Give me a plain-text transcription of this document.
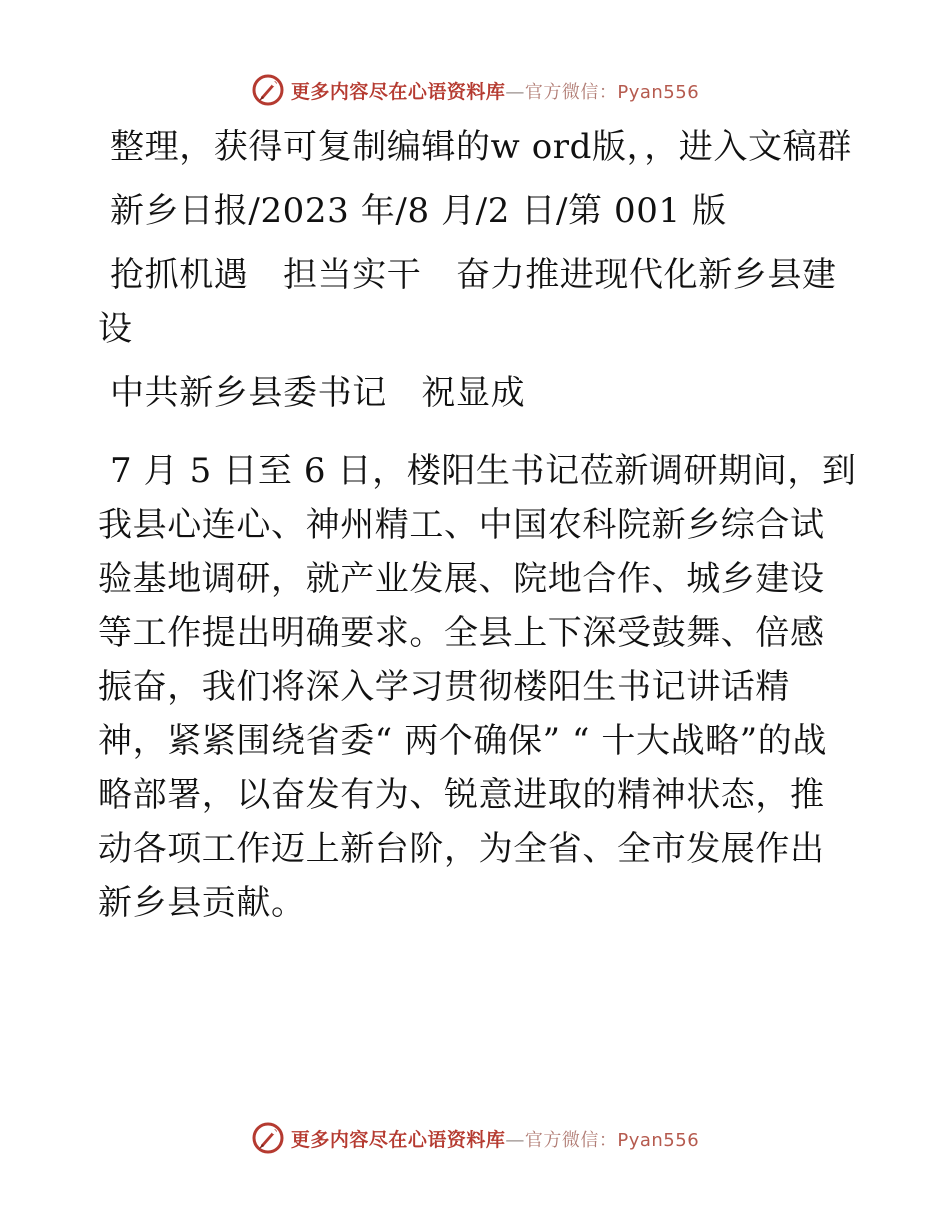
更多内容尽在心语资料库—官方微信：Pyan556

整理，获得可复制编辑的w ord版，，进入文稿群

新乡日报/2023 年/8 月/2 日/第 001 版

抢抓机遇　担当实干　奋力推进现代化新乡县建设

中共新乡县委书记　祝显成

7 月 5 日至 6 日，楼阳生书记莅新调研期间，到我县心连心、神州精工、中国农科院新乡综合试验基地调研，就产业发展、院地合作、城乡建设等工作提出明确要求。全县上下深受鼓舞、倍感振奋，我们将深入学习贯彻楼阳生书记讲话精神，紧紧围绕省委“ 两个确保” “ 十大战略”的战略部署，以奋发有为、锐意进取的精神状态，推动各项工作迈上新台阶，为全省、全市发展作出新乡县贡献。

更多内容尽在心语资料库—官方微信：Pyan556
